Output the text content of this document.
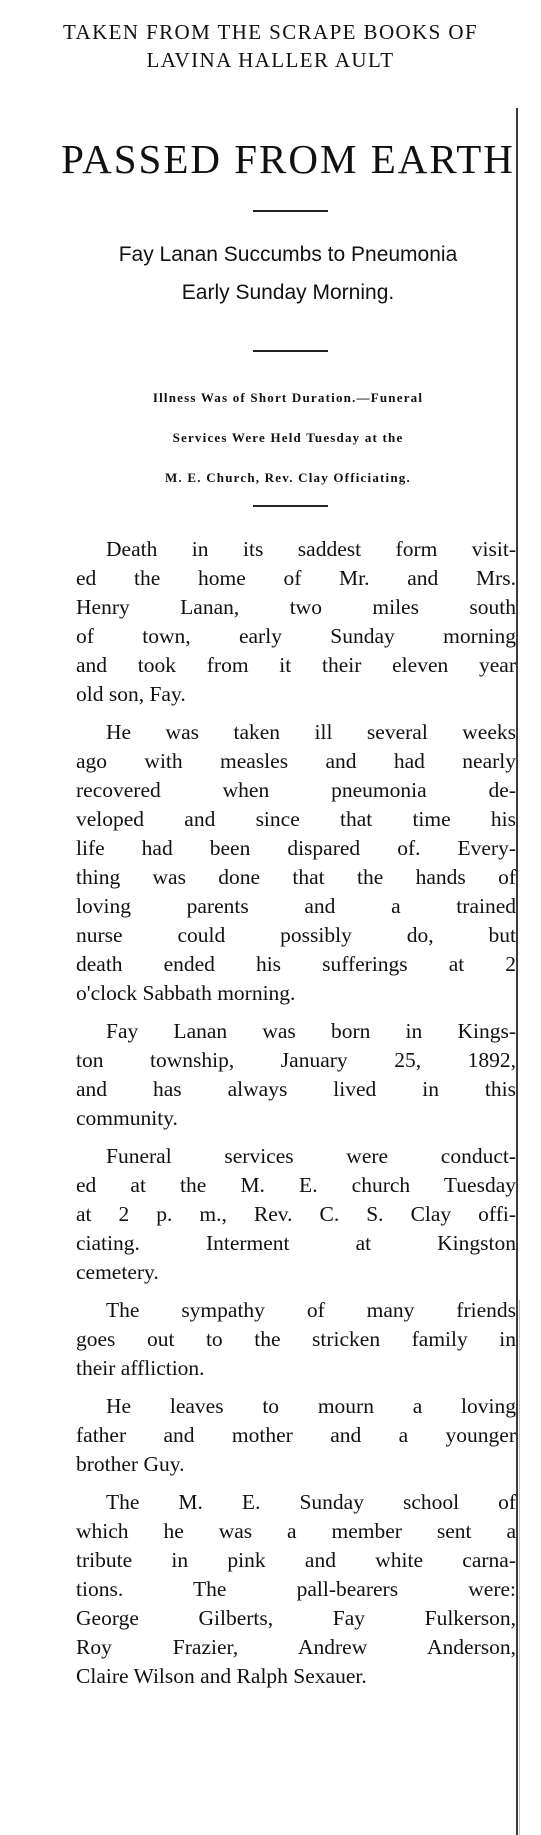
TAKEN FROM THE SCRAPE BOOKS OF
LAVINA HALLER AULT
PASSED FROM EARTH
Fay Lanan Succumbs to Pneumonia
Early Sunday Morning.
Illness Was of Short Duration.—Funeral
Services Were Held Tuesday at the
M. E. Church, Rev. Clay Officiating.
Death in its saddest form visit-
ed the home of Mr. and Mrs.
Henry Lanan, two miles south
of town, early Sunday morning
and took from it their eleven year
old son, Fay.
He was taken ill several weeks
ago with measles and had nearly
recovered when pneumonia de-
veloped and since that time his
life had been dispared of. Every-
thing was done that the hands of
loving parents and a trained
nurse could possibly do, but
death ended his sufferings at 2
o'clock Sabbath morning.
Fay Lanan was born in Kings-
ton township, January 25, 1892,
and has always lived in this
community.
Funeral services were conduct-
ed at the M. E. church Tuesday
at 2 p. m., Rev. C. S. Clay offi-
ciating. Interment at Kingston
cemetery.
The sympathy of many friends
goes out to the stricken family in
their affliction.
He leaves to mourn a loving
father and mother and a younger
brother Guy.
The M. E. Sunday school of
which he was a member sent a
tribute in pink and white carna-
tions. The pall-bearers were:
George Gilberts, Fay Fulkerson,
Roy Frazier, Andrew Anderson,
Claire Wilson and Ralph Sexauer.
